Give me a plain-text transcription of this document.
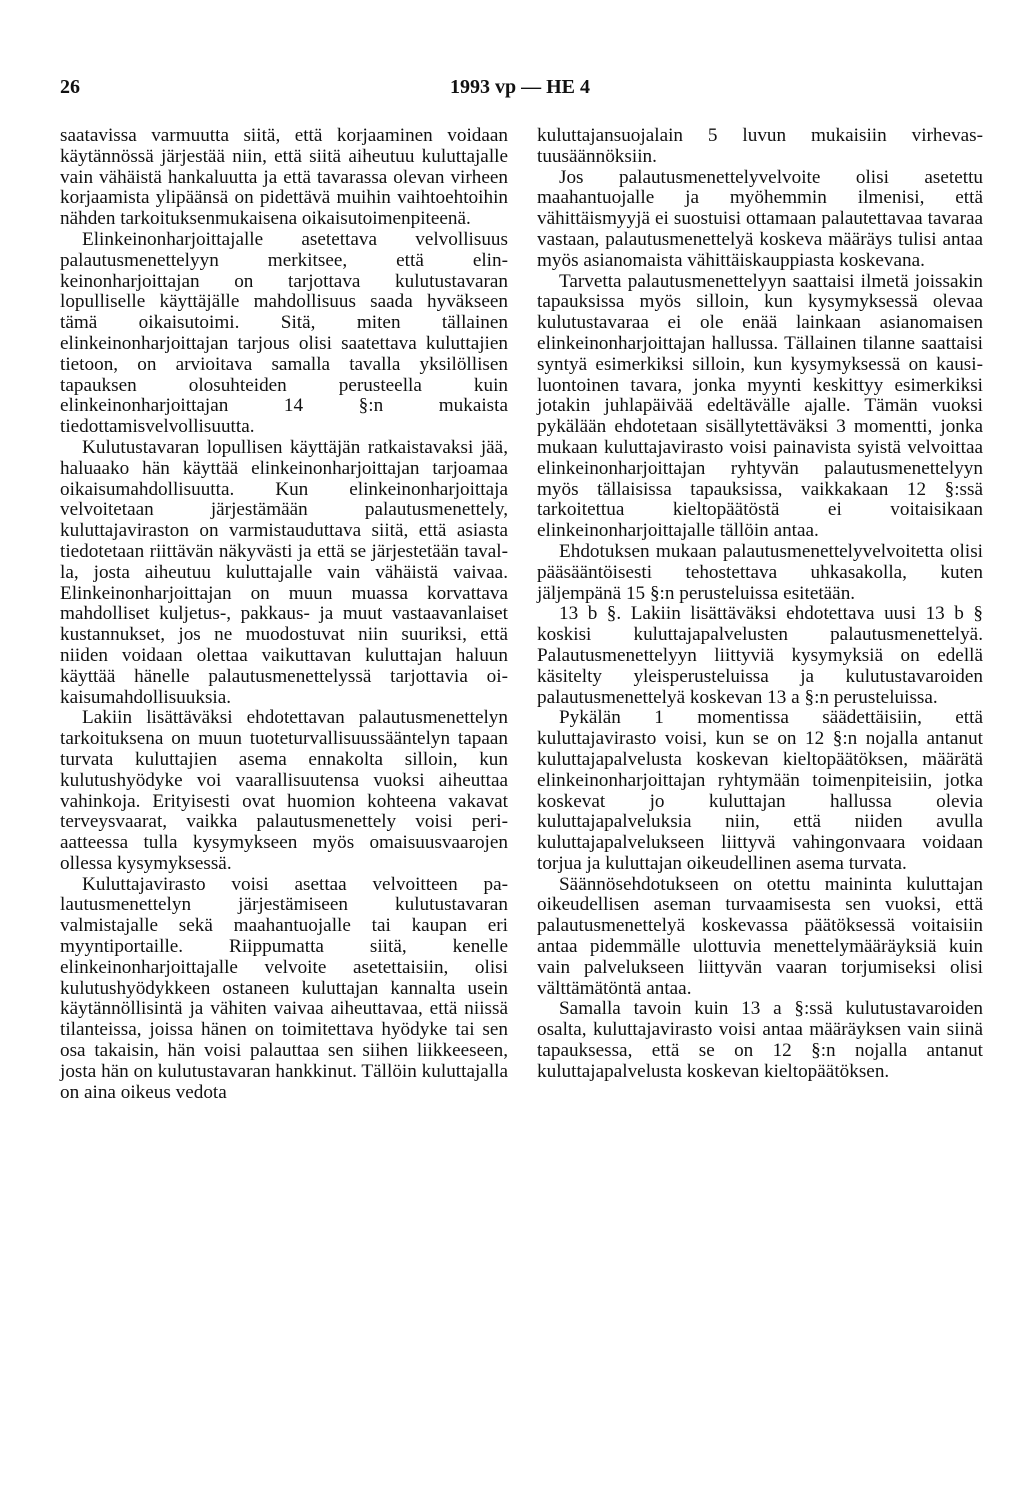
26	1993 vp — HE 4

saatavissa varmuutta siitä, että korjaaminen voidaan käytännössä järjestää niin, että siitä aiheutuu kuluttajalle vain vähäistä hankaluutta ja että tavarassa olevan virheen korjaamista ylipäänsä on pidettävä muihin vaihtoehtoihin nähden tarkoituksenmukaisena oikaisutoimenpiteenä.

Elinkeinonharjoittajalle asetettava velvollisuus palautusmenettelyyn merkitsee, että elinkeinonharjoittajan on tarjottava kulutustavaran lopulliselle käyttäjälle mahdollisuus saada hyväkseen tämä oikaisutoimi. Sitä, miten tällainen elinkeinonharjoittajan tarjous olisi saatettava kuluttajien tietoon, on arvioitava samalla tavalla yksilöllisen tapauksen olosuhteiden perusteella kuin elinkeinonharjoittajan 14 §:n mukaista tiedottamisvelvollisuutta.

Kulutustavaran lopullisen käyttäjän ratkaistavaksi jää, haluaako hän käyttää elinkeinonharjoittajan tarjoamaa oikaisumahdollisuutta. Kun elinkeinonharjoittaja velvoitetaan järjestämään palautusmenettely, kuluttajaviraston on varmistauduttava siitä, että asiasta tiedotetaan riittävän näkyvästi ja että se järjestetään tavalla, josta aiheutuu kuluttajalle vain vähäistä vaivaa. Elinkeinonharjoittajan on muun muassa korvattava mahdolliset kuljetus-, pakkaus- ja muut vastaavanlaiset kustannukset, jos ne muodostuvat niin suuriksi, että niiden voidaan olettaa vaikuttavan kuluttajan haluun käyttää hänelle palautusmenettelyssä tarjottavia oikaisumahdollisuuksia.

Lakiin lisättäväksi ehdotettavan palautusmenettelyn tarkoituksena on muun tuoteturvallisuussääntelyn tapaan turvata kuluttajien asema ennakolta silloin, kun kulutushyödyke voi vaarallisuutensa vuoksi aiheuttaa vahinkoja. Erityisesti ovat huomion kohteena vakavat terveysvaarat, vaikka palautusmenettely voisi periaatteessa tulla kysymykseen myös omaisuusvaarojen ollessa kysymyksessä.

Kuluttajavirasto voisi asettaa velvoitteen palautusmenettelyn järjestämiseen kulutustavaran valmistajalle sekä maahantuojalle tai kaupan eri myyntiportaille. Riippumatta siitä, kenelle elinkeinonharjoittajalle velvoite asetettaisiin, olisi kulutushyödykkeen ostaneen kuluttajan kannalta usein käytännöllisintä ja vähiten vaivaa aiheuttavaa, että niissä tilanteissa, joissa hänen on toimitettava hyödyke tai sen osa takaisin, hän voisi palauttaa sen siihen liikkeeseen, josta hän on kulutustavaran hankkinut. Tällöin kuluttajalla on aina oikeus vedota

kuluttajansuojalain 5 luvun mukaisiin virhevastuusäännöksiin.

Jos palautusmenettelyvelvoite olisi asetettu maahantuojalle ja myöhemmin ilmenisi, että vähittäismyyjä ei suostuisi ottamaan palautettavaa tavaraa vastaan, palautusmenettelyä koskeva määräys tulisi antaa myös asianomaista vähittäiskauppiasta koskevana.

Tarvetta palautusmenettelyyn saattaisi ilmetä joissakin tapauksissa myös silloin, kun kysymyksessä olevaa kulutustavaraa ei ole enää lainkaan asianomaisen elinkeinonharjoittajan hallussa. Tällainen tilanne saattaisi syntyä esimerkiksi silloin, kun kysymyksessä on kausiluontoinen tavara, jonka myynti keskittyy esimerkiksi jotakin juhlapäivää edeltävälle ajalle. Tämän vuoksi pykälään ehdotetaan sisällytettäväksi 3 momentti, jonka mukaan kuluttajavirasto voisi painavista syistä velvoittaa elinkeinonharjoittajan ryhtyvän palautusmenettelyyn myös tällaisissa tapauksissa, vaikkakaan 12 §:ssä tarkoitettua kieltopäätöstä ei voitaisikaan elinkeinonharjoittajalle tällöin antaa.

Ehdotuksen mukaan palautusmenettelyvelvoitetta olisi pääsääntöisesti tehostettava uhkasakolla, kuten jäljempänä 15 §:n perusteluissa esitetään.

13 b §. Lakiin lisättäväksi ehdotettava uusi 13 b § koskisi kuluttajapalvelusten palautusmenettelyä. Palautusmenettelyyn liittyviä kysymyksiä on edellä käsitelty yleisperusteluissa ja kulutustavaroiden palautusmenettelyä koskevan 13 a §:n perusteluissa.

Pykälän 1 momentissa säädettäisiin, että kuluttajavirasto voisi, kun se on 12 §:n nojalla antanut kuluttajapalvelusta koskevan kieltopäätöksen, määrätä elinkeinonharjoittajan ryhtymään toimenpiteisiin, jotka koskevat jo kuluttajan hallussa olevia kuluttajapalveluksia niin, että niiden avulla kuluttajapalvelukseen liittyvä vahingonvaara voidaan torjua ja kuluttajan oikeudellinen asema turvata.

Säännösehdotukseen on otettu maininta kuluttajan oikeudellisen aseman turvaamisesta sen vuoksi, että palautusmenettelyä koskevassa päätöksessä voitaisiin antaa pidemmälle ulottuvia menettelymääräyksiä kuin vain palvelukseen liittyvän vaaran torjumiseksi olisi välttämätöntä antaa.

Samalla tavoin kuin 13 a §:ssä kulutustavaroiden osalta, kuluttajavirasto voisi antaa määräyksen vain siinä tapauksessa, että se on 12 §:n nojalla antanut kuluttajapalvelusta koskevan kieltopäätöksen.
